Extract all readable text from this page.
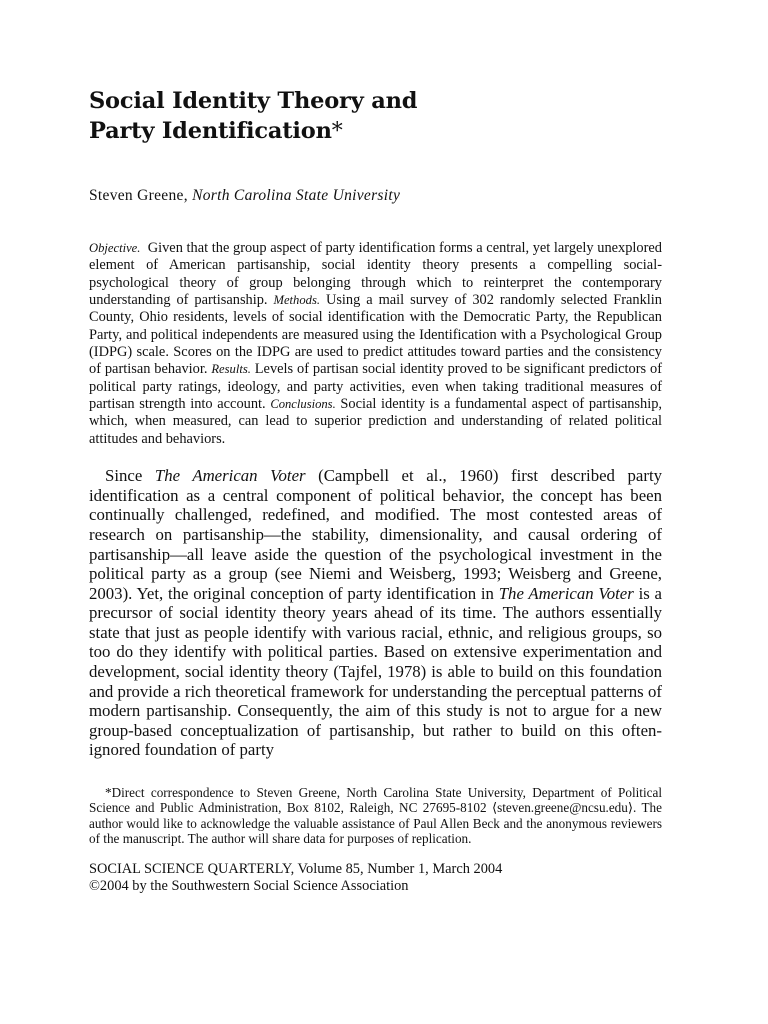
Social Identity Theory and
Party Identification*
Steven Greene, North Carolina State University

Objective. Given that the group aspect of party identification forms a central, yet largely unexplored element of American partisanship, social identity theory presents a compelling social-psychological theory of group belonging through which to reinterpret the contemporary understanding of partisanship. Methods. Using a mail survey of 302 randomly selected Franklin County, Ohio residents, levels of social identification with the Democratic Party, the Republican Party, and political independents are measured using the Identification with a Psychological Group (IDPG) scale. Scores on the IDPG are used to predict attitudes toward parties and the consistency of partisan behavior. Results. Levels of partisan social identity proved to be significant predictors of political party ratings, ideology, and party activities, even when taking traditional measures of partisan strength into account. Conclusions. Social identity is a fundamental aspect of partisanship, which, when measured, can lead to superior prediction and understanding of related political attitudes and behaviors.

Since The American Voter (Campbell et al., 1960) first described party identification as a central component of political behavior, the concept has been continually challenged, redefined, and modified. The most contested areas of research on partisanship—the stability, dimensionality, and causal ordering of partisanship—all leave aside the question of the psychological investment in the political party as a group (see Niemi and Weisberg, 1993; Weisberg and Greene, 2003). Yet, the original conception of party identification in The American Voter is a precursor of social identity theory years ahead of its time. The authors essentially state that just as people identify with various racial, ethnic, and religious groups, so too do they identify with political parties. Based on extensive experimentation and development, social identity theory (Tajfel, 1978) is able to build on this foundation and provide a rich theoretical framework for understanding the perceptual patterns of modern partisanship. Consequently, the aim of this study is not to argue for a new group-based conceptualization of partisanship, but rather to build on this often-ignored foundation of party

*Direct correspondence to Steven Greene, North Carolina State University, Department of Political Science and Public Administration, Box 8102, Raleigh, NC 27695-8102 ⟨steven.greene@ncsu.edu⟩. The author would like to acknowledge the valuable assistance of Paul Allen Beck and the anonymous reviewers of the manuscript. The author will share data for purposes of replication.

SOCIAL SCIENCE QUARTERLY, Volume 85, Number 1, March 2004
©2004 by the Southwestern Social Science Association
